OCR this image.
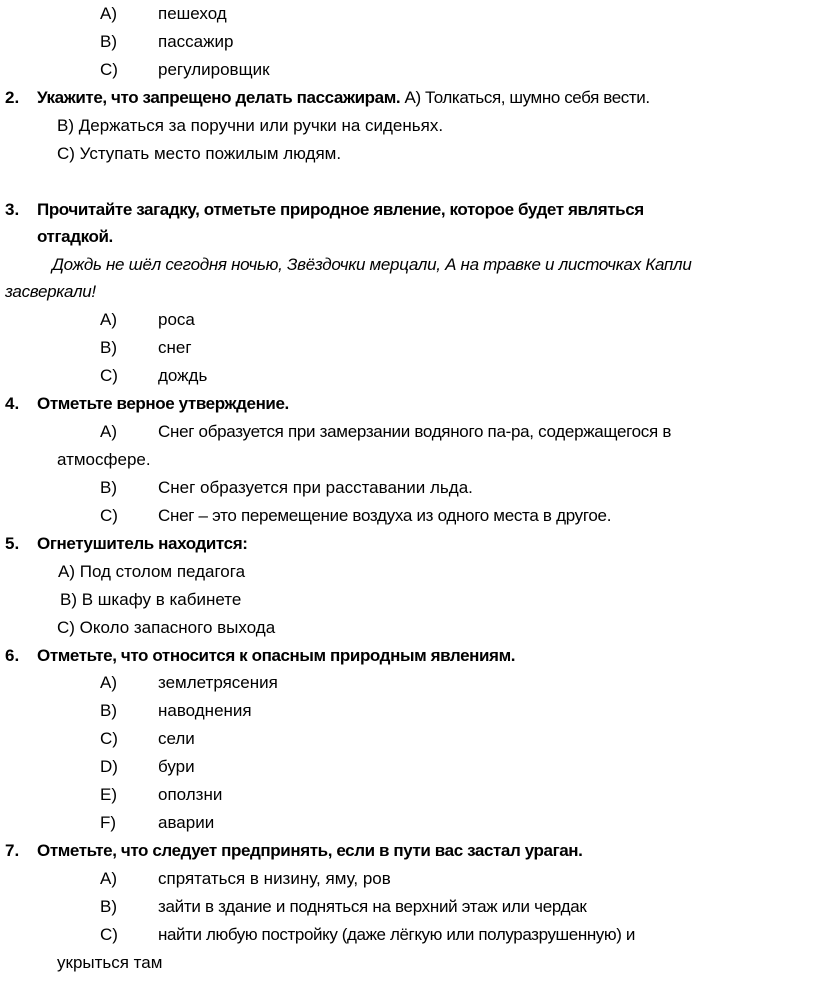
A) пешеход
B) пассажир
C) регулировщик
2. Укажите, что запрещено делать пассажирам. А) Толкаться, шумно себя вести.
В) Держаться за поручни или ручки на сиденьях.
С) Уступать место пожилым людям.
3. Прочитайте загадку, отметьте природное явление, которое будет являться
отгадкой.
Дождь не шёл сегодня ночью, Звёздочки мерцали, А на травке и листочках Капли
засверкали!
A) роса
B) снег
C) дождь
4. Отметьте верное утверждение.
A) Снег образуется при замерзании водяного па-ра, содержащегося в
атмосфере.
B) Снег образуется при расставании льда.
C) Снег – это перемещение воздуха из одного места в другое.
5. Огнетушитель находится:
А) Под столом педагога
В) В шкафу в кабинете
С) Около запасного выхода
6. Отметьте, что относится к опасным природным явлениям.
A) землетрясения
B) наводнения
C) сели
D) бури
E) оползни
F) аварии
7. Отметьте, что следует предпринять, если в пути вас застал ураган.
A) спрятаться в низину, яму, ров
B) зайти в здание и подняться на верхний этаж или чердак
C) найти любую постройку (даже лёгкую или полуразрушенную) и
укрыться там
